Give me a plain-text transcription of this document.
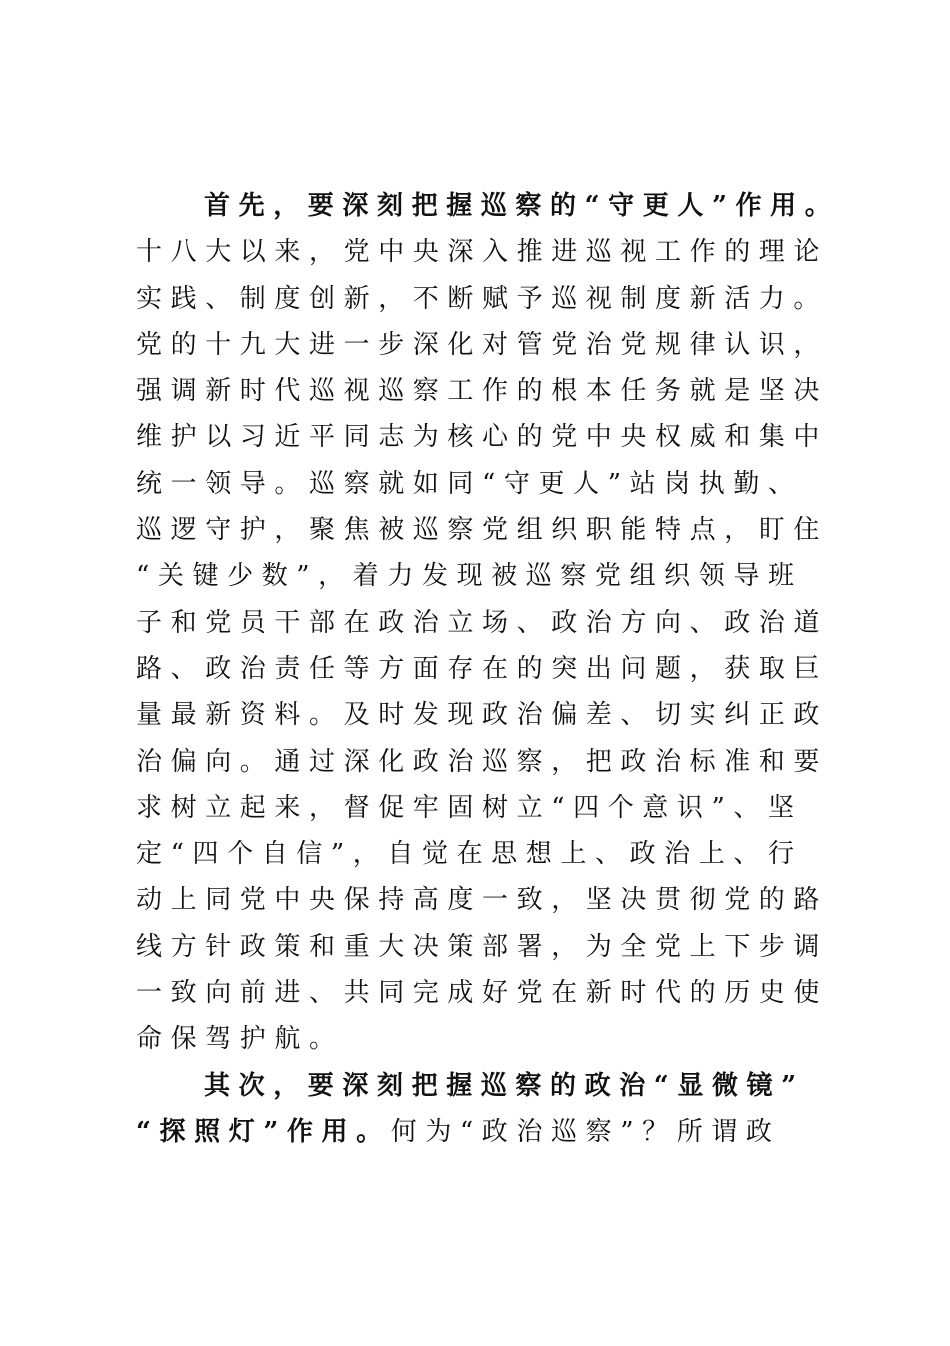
首先，要深刻把握巡察的“守更人”作用。
十八大以来，党中央深入推进巡视工作的理论
实践、制度创新，不断赋予巡视制度新活力。
党的十九大进一步深化对管党治党规律认识，
强调新时代巡视巡察工作的根本任务就是坚决
维护以习近平同志为核心的党中央权威和集中
统一领导。巡察就如同“守更人”站岗执勤、
巡逻守护，聚焦被巡察党组织职能特点，盯住
“关键少数”，着力发现被巡察党组织领导班
子和党员干部在政治立场、政治方向、政治道
路、政治责任等方面存在的突出问题，获取巨
量最新资料。及时发现政治偏差、切实纠正政
治偏向。通过深化政治巡察，把政治标准和要
求树立起来，督促牢固树立“四个意识”、坚
定“四个自信”，自觉在思想上、政治上、行
动上同党中央保持高度一致，坚决贯彻党的路
线方针政策和重大决策部署，为全党上下步调
一致向前进、共同完成好党在新时代的历史使
命保驾护航。
其次，要深刻把握巡察的政治“显微镜”
“探照灯”作用。何为“政治巡察”？所谓政
